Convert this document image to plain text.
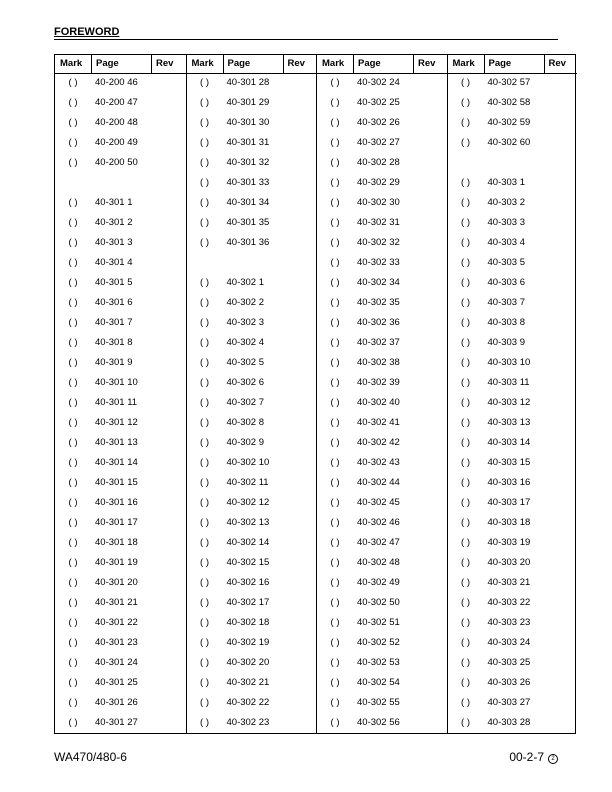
FOREWORD
Mark	Page	Rev
( )	40-200 46
( )	40-200 47
( )	40-200 48
( )	40-200 49
( )	40-200 50
( )	40-301 1
( )	40-301 2
( )	40-301 3
( )	40-301 4
( )	40-301 5
( )	40-301 6
( )	40-301 7
( )	40-301 8
( )	40-301 9
( )	40-301 10
( )	40-301 11
( )	40-301 12
( )	40-301 13
( )	40-301 14
( )	40-301 15
( )	40-301 16
( )	40-301 17
( )	40-301 18
( )	40-301 19
( )	40-301 20
( )	40-301 21
( )	40-301 22
( )	40-301 23
( )	40-301 24
( )	40-301 25
( )	40-301 26
( )	40-301 27
Mark	Page	Rev
( )	40-301 28
( )	40-301 29
( )	40-301 30
( )	40-301 31
( )	40-301 32
( )	40-301 33
( )	40-301 34
( )	40-301 35
( )	40-301 36
( )	40-302 1
( )	40-302 2
( )	40-302 3
( )	40-302 4
( )	40-302 5
( )	40-302 6
( )	40-302 7
( )	40-302 8
( )	40-302 9
( )	40-302 10
( )	40-302 11
( )	40-302 12
( )	40-302 13
( )	40-302 14
( )	40-302 15
( )	40-302 16
( )	40-302 17
( )	40-302 18
( )	40-302 19
( )	40-302 20
( )	40-302 21
( )	40-302 22
( )	40-302 23
Mark	Page	Rev
( )	40-302 24
( )	40-302 25
( )	40-302 26
( )	40-302 27
( )	40-302 28
( )	40-302 29
( )	40-302 30
( )	40-302 31
( )	40-302 32
( )	40-302 33
( )	40-302 34
( )	40-302 35
( )	40-302 36
( )	40-302 37
( )	40-302 38
( )	40-302 39
( )	40-302 40
( )	40-302 41
( )	40-302 42
( )	40-302 43
( )	40-302 44
( )	40-302 45
( )	40-302 46
( )	40-302 47
( )	40-302 48
( )	40-302 49
( )	40-302 50
( )	40-302 51
( )	40-302 52
( )	40-302 53
( )	40-302 54
( )	40-302 55
( )	40-302 56
Mark	Page	Rev
( )	40-302 57
( )	40-302 58
( )	40-302 59
( )	40-302 60
( )	40-303 1
( )	40-303 2
( )	40-303 3
( )	40-303 4
( )	40-303 5
( )	40-303 6
( )	40-303 7
( )	40-303 8
( )	40-303 9
( )	40-303 10
( )	40-303 11
( )	40-303 12
( )	40-303 13
( )	40-303 14
( )	40-303 15
( )	40-303 16
( )	40-303 17
( )	40-303 18
( )	40-303 19
( )	40-303 20
( )	40-303 21
( )	40-303 22
( )	40-303 23
( )	40-303 24
( )	40-303 25
( )	40-303 26
( )	40-303 27
( )	40-303 28
WA470/480-6	00-2-7 2
